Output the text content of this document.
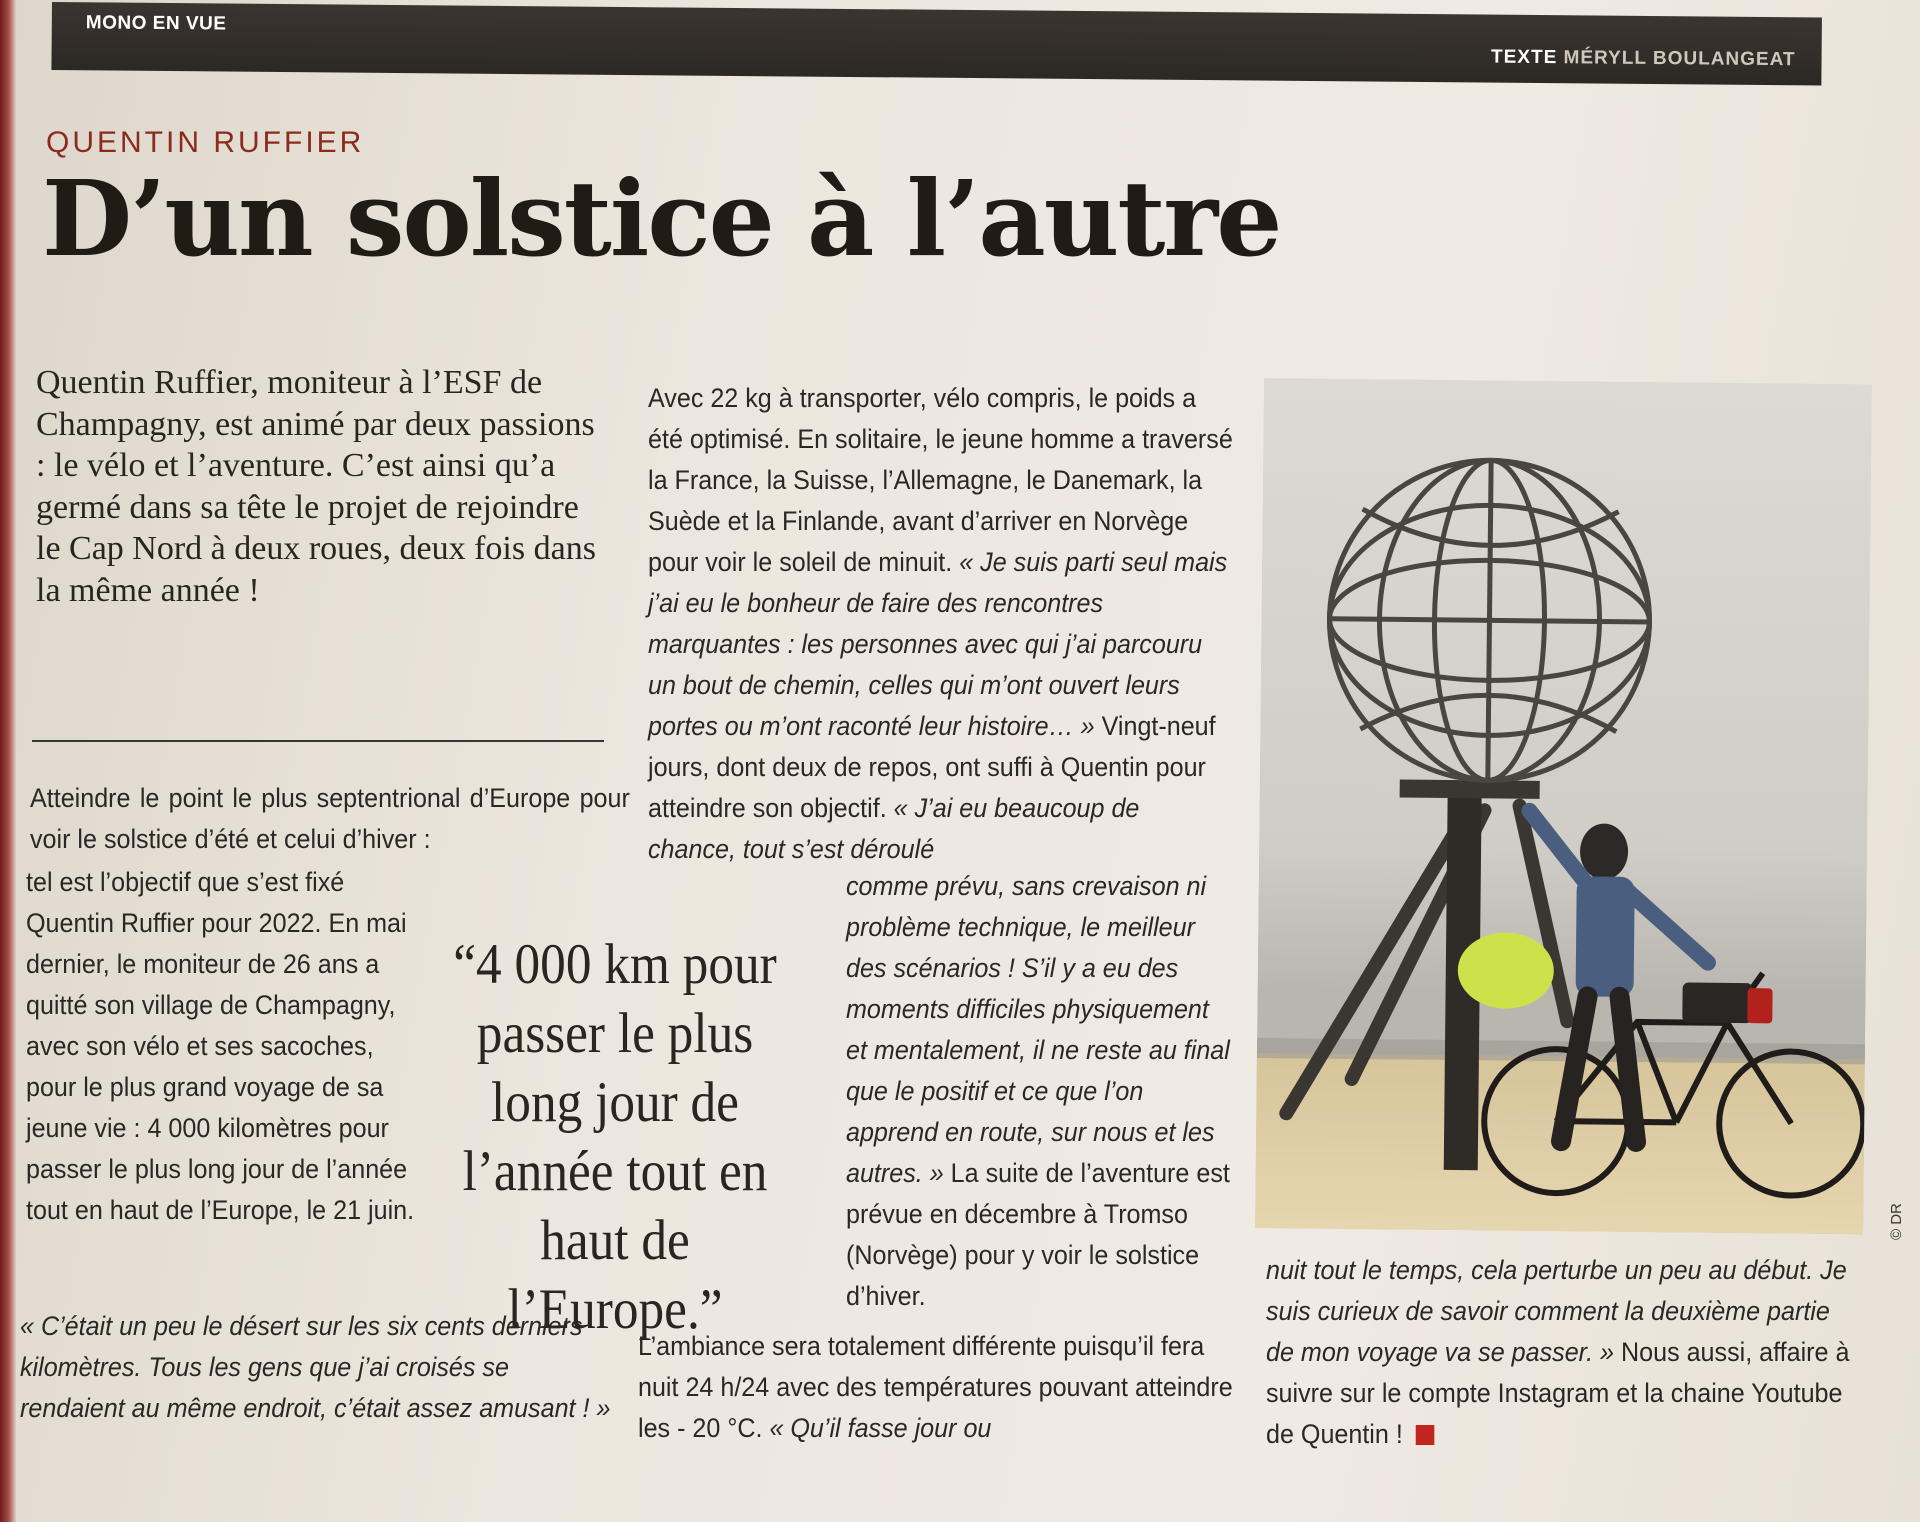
MONO EN VUE
TEXTE MÉRYLL BOULANGEAT
QUENTIN RUFFIER
D’un solstice à l’autre
Quentin Ruffier, moniteur à l’ESF de Champagny, est animé par deux passions : le vélo et l’aventure. C’est ainsi qu’a germé dans sa tête le projet de rejoindre le Cap Nord à deux roues, deux fois dans la même année !
Atteindre le point le plus septentrional d’Europe pour voir le solstice d’été et celui d’hiver :
tel est l’objectif que s’est fixé Quentin Ruffier pour 2022. En mai dernier, le moniteur de 26 ans a quitté son village de Champagny, avec son vélo et ses sacoches, pour le plus grand voyage de sa jeune vie : 4 000 kilomètres pour passer le plus long jour de l’année tout en haut de l’Europe, le 21 juin.
« C’était un peu le désert sur les six cents derniers kilomètres. Tous les gens que j’ai croisés se rendaient au même endroit, c’était assez amusant ! »
Avec 22 kg à transporter, vélo compris, le poids a été optimisé. En solitaire, le jeune homme a traversé la France, la Suisse, l’Allemagne, le Danemark, la Suède et la Finlande, avant d’arriver en Norvège pour voir le soleil de minuit. « Je suis parti seul mais j’ai eu le bonheur de faire des rencontres marquantes : les personnes avec qui j’ai parcouru un bout de chemin, celles qui m’ont ouvert leurs portes ou m’ont raconté leur histoire… » Vingt-neuf jours, dont deux de repos, ont suffi à Quentin pour atteindre son objectif. « J’ai eu beaucoup de chance, tout s’est déroulé
comme prévu, sans crevaison ni problème technique, le meilleur des scénarios ! S’il y a eu des moments difficiles physiquement et mentalement, il ne reste au final que le positif et ce que l’on apprend en route, sur nous et les autres. » La suite de l’aventure est prévue en décembre à Tromso (Norvège) pour y voir le solstice d’hiver.
L’ambiance sera totalement différente puisqu’il fera nuit 24 h/24 avec des températures pouvant atteindre les - 20 °C. « Qu’il fasse jour ou
“4 000 km pour passer le plus long jour de l’année tout en haut de l’Europe.”
nuit tout le temps, cela perturbe un peu au début. Je suis curieux de savoir comment la deuxième partie de mon voyage va se passer. » Nous aussi, affaire à suivre sur le compte Instagram et la chaine Youtube de Quentin !
© DR
